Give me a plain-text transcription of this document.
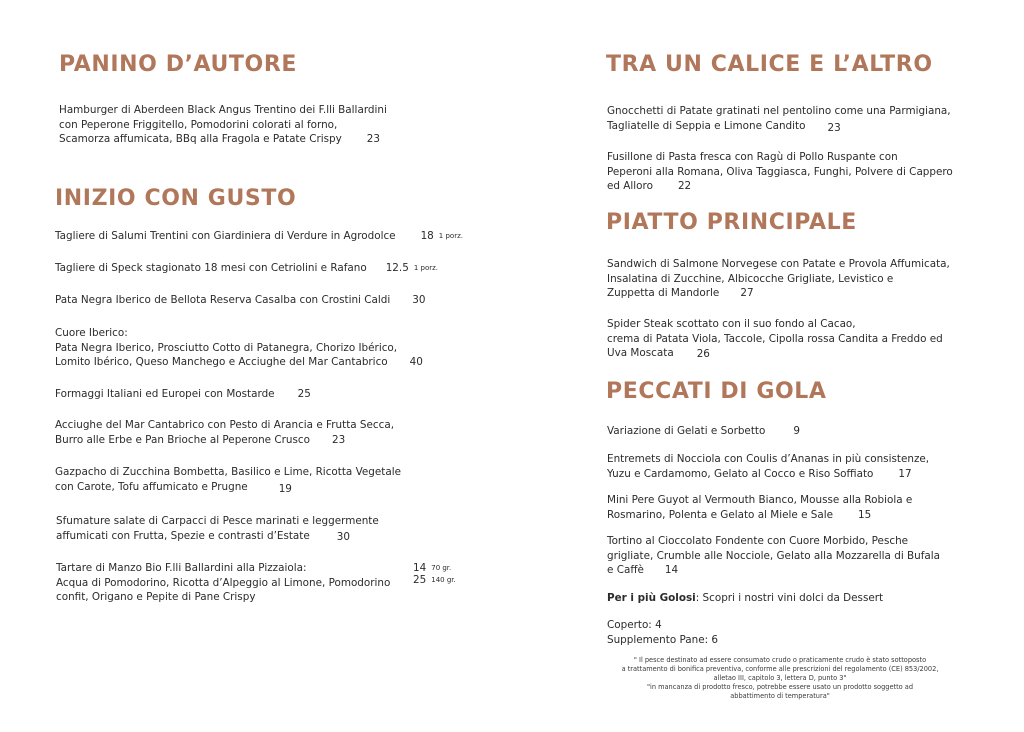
PANINO D’AUTORE
Hamburger di Aberdeen Black Angus Trentino dei F.lli Ballardini
con Peperone Friggitello, Pomodorini colorati al forno,
Scamorza affumicata, BBq alla Fragola e Patate Crispy 23
INIZIO CON GUSTO
Tagliere di Salumi Trentini con Giardiniera di Verdure in Agrodolce 18 1 porz.
Tagliere di Speck stagionato 18 mesi con Cetriolini e Rafano 12.5 1 porz.
Pata Negra Iberico de Bellota Reserva Casalba con Crostini Caldi 30
Cuore Iberico:
Pata Negra Iberico, Prosciutto Cotto di Patanegra, Chorizo Ibérico,
Lomito Ibérico, Queso Manchego e Acciughe del Mar Cantabrico 40
Formaggi Italiani ed Europei con Mostarde 25
Acciughe del Mar Cantabrico con Pesto di Arancia e Frutta Secca,
Burro alle Erbe e Pan Brioche al Peperone Crusco 23
Gazpacho di Zucchina Bombetta, Basilico e Lime, Ricotta Vegetale
con Carote, Tofu affumicato e Prugne	19
Sfumature salate di Carpacci di Pesce marinati e leggermente
affumicati con Frutta, Spezie e contrasti d’Estate	30
Tartare di Manzo Bio F.lli Ballardini alla Pizzaiola:
Acqua di Pomodorino, Ricotta d’Alpeggio al Limone, Pomodorino
confit, Origano e Pepite di Pane Crispy
14 70 gr.
25 140 gr.
TRA UN CALICE E L’ALTRO
Gnocchetti di Patate gratinati nel pentolino come una Parmigiana,
Tagliatelle di Seppia e Limone Candito 23
Fusillone di Pasta fresca con Ragù di Pollo Ruspante con
Peperoni alla Romana, Oliva Taggiasca, Funghi, Polvere di Cappero
ed Alloro 22
PIATTO PRINCIPALE
Sandwich di Salmone Norvegese con Patate e Provola Affumicata,
Insalatina di Zucchine, Albicocche Grigliate, Levistico e
Zuppetta di Mandorle 27
Spider Steak scottato con il suo fondo al Cacao,
crema di Patata Viola, Taccole, Cipolla rossa Candita a Freddo ed
Uva Moscata 26
PECCATI DI GOLA
Variazione di Gelati e Sorbetto	9
Entremets di Nocciola con Coulis d’Ananas in più consistenze,
Yuzu e Cardamomo, Gelato al Cocco e Riso Soffiato 17
Mini Pere Guyot al Vermouth Bianco, Mousse alla Robiola e
Rosmarino, Polenta e Gelato al Miele e Sale 15
Tortino al Cioccolato Fondente con Cuore Morbido, Pesche
grigliate, Crumble alle Nocciole, Gelato alla Mozzarella di Bufala
e Caffè 14
Per i più Golosi: Scopri i nostri vini dolci da Dessert
Coperto: 4
Supplemento Pane: 6
" Il pesce destinato ad essere consumato crudo o praticamente crudo è stato sottoposto
a trattamento di bonifica preventiva, conforme alle prescrizioni del regolamento (CE) 853/2002,
alletao III, capitolo 3, lettera D, punto 3"
"in mancanza di prodotto fresco, potrebbe essere usato un prodotto soggetto ad
abbattimento di temperatura"
